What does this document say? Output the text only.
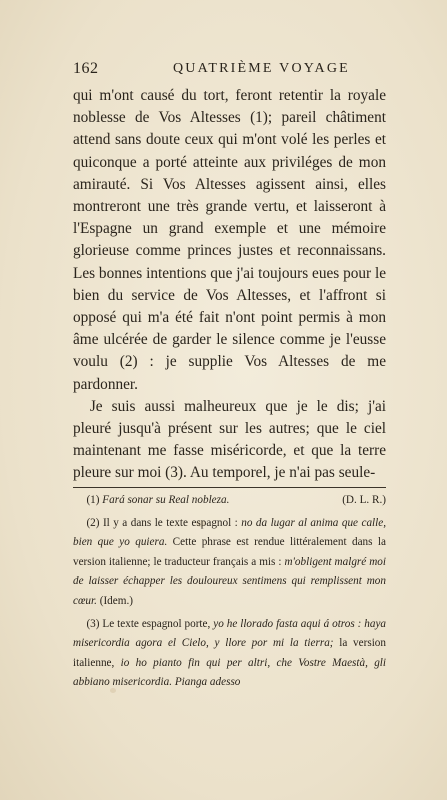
162	QUATRIÈME VOYAGE

qui m'ont causé du tort, feront retentir la royale noblesse de Vos Altesses (1); pareil châtiment attend sans doute ceux qui m'ont volé les perles et quiconque a porté atteinte aux priviléges de mon amirauté. Si Vos Altesses agissent ainsi, elles montreront une très grande vertu, et laisseront à l'Espagne un grand exemple et une mémoire glorieuse comme princes justes et reconnaissans. Les bonnes intentions que j'ai toujours eues pour le bien du service de Vos Altesses, et l'affront si opposé qui m'a été fait n'ont point permis à mon âme ulcérée de garder le silence comme je l'eusse voulu (2) : je supplie Vos Altesses de me pardonner.

Je suis aussi malheureux que je le dis; j'ai pleuré jusqu'à présent sur les autres; que le ciel maintenant me fasse miséricorde, et que la terre pleure sur moi (3). Au temporel, je n'ai pas seule-

(1) Fará sonar su Real nobleza.	(D. L. R.)

(2) Il y a dans le texte espagnol : no da lugar al anima que calle, bien que yo quiera. Cette phrase est rendue littéralement dans la version italienne; le traducteur français a mis : m'obligent malgré moi de laisser échapper les douloureux sentimens qui remplissent mon cœur. (Idem.)

(3) Le texte espagnol porte, yo he llorado fasta aqui á otros : haya misericordia agora el Cielo, y llore por mi la tierra; la version italienne, io ho pianto fin qui per altri, che Vostre Maestà, gli abbiano misericordia. Pianga adesso
